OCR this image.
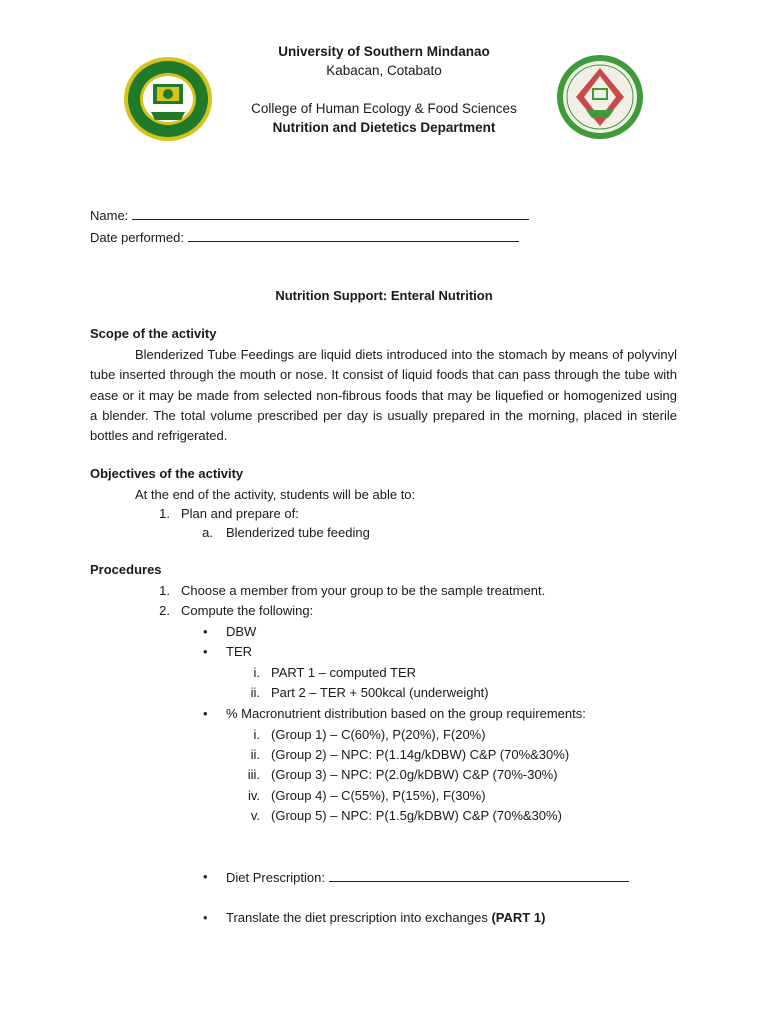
★
University of Southern Mindanao
Kabacan, Cotabato
College of Human Ecology & Food Sciences
Nutrition and Dietetics Department
Name:
Date performed:
Nutrition Support: Enteral Nutrition
Scope of the activity
Blenderized Tube Feedings are liquid diets introduced into the stomach by means of polyvinyl tube inserted through the mouth or nose. It consist of liquid foods that can pass through the tube with ease or it may be made from selected non-fibrous foods that may be liquefied or homogenized using a blender. The total volume prescribed per day is usually prepared in the morning, placed in sterile bottles and refrigerated.
Objectives of the activity
At the end of the activity, students will be able to:
1. Plan and prepare of:
a. Blenderized tube feeding
Procedures
1. Choose a member from your group to be the sample treatment.
2. Compute the following:
• DBW
• TER
i. PART 1 – computed TER
ii. Part 2 – TER + 500kcal (underweight)
• % Macronutrient distribution based on the group requirements:
i. (Group 1) – C(60%), P(20%), F(20%)
ii. (Group 2) – NPC: P(1.14g/kDBW) C&P (70%&30%)
iii. (Group 3) – NPC: P(2.0g/kDBW) C&P (70%-30%)
iv. (Group 4) – C(55%), P(15%), F(30%)
v. (Group 5) – NPC: P(1.5g/kDBW) C&P (70%&30%)
• Diet Prescription:
• Translate the diet prescription into exchanges (PART 1)
